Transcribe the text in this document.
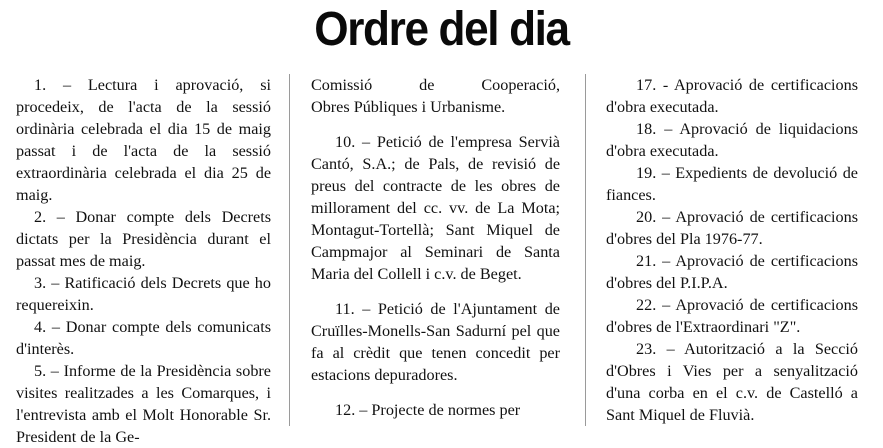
Ordre del dia

1. – Lectura i aprovació, si procedeix, de l'acta de la sessió ordinària celebrada el dia 15 de maig passat i de l'acta de la sessió extraordinària celebrada el dia 25 de maig.

2. – Donar compte dels Decrets dictats per la Presidència durant el passat mes de maig.

3. – Ratificació dels Decrets que ho requereixin.

4. – Donar compte dels comunicats d'interès.

5. – Informe de la Presidència sobre visites realitzades a les Comarques, i l'entrevista amb el Molt Honorable Sr. President de la Ge-

Comissió de Cooperació,
Obres Públiques i Urbanisme.

10. – Petició de l'empresa Servià Cantó, S.A.; de Pals, de revisió de preus del contracte de les obres de millorament del cc. vv. de La Mota; Montagut-Tortellà; Sant Miquel de Campmajor al Seminari de Santa Maria del Collell i c.v. de Beget.

11. – Petició de l'Ajuntament de Cruïlles-Monells-San Sadurní pel que fa al crèdit que tenen concedit per estacions depuradores.

12. – Projecte de normes per

17. - Aprovació de certificacions d'obra executada.

18. – Aprovació de liquidacions d'obra executada.

19. – Expedients de devolució de fiances.

20. – Aprovació de certificacions d'obres del Pla 1976-77.

21. – Aprovació de certificacions d'obres del P.I.P.A.

22. – Aprovació de certificacions d'obres de l'Extraordinari "Z".

23. – Autorització a la Secció d'Obres i Vies per a senyalització d'una corba en el c.v. de Castelló a Sant Miquel de Fluvià.
